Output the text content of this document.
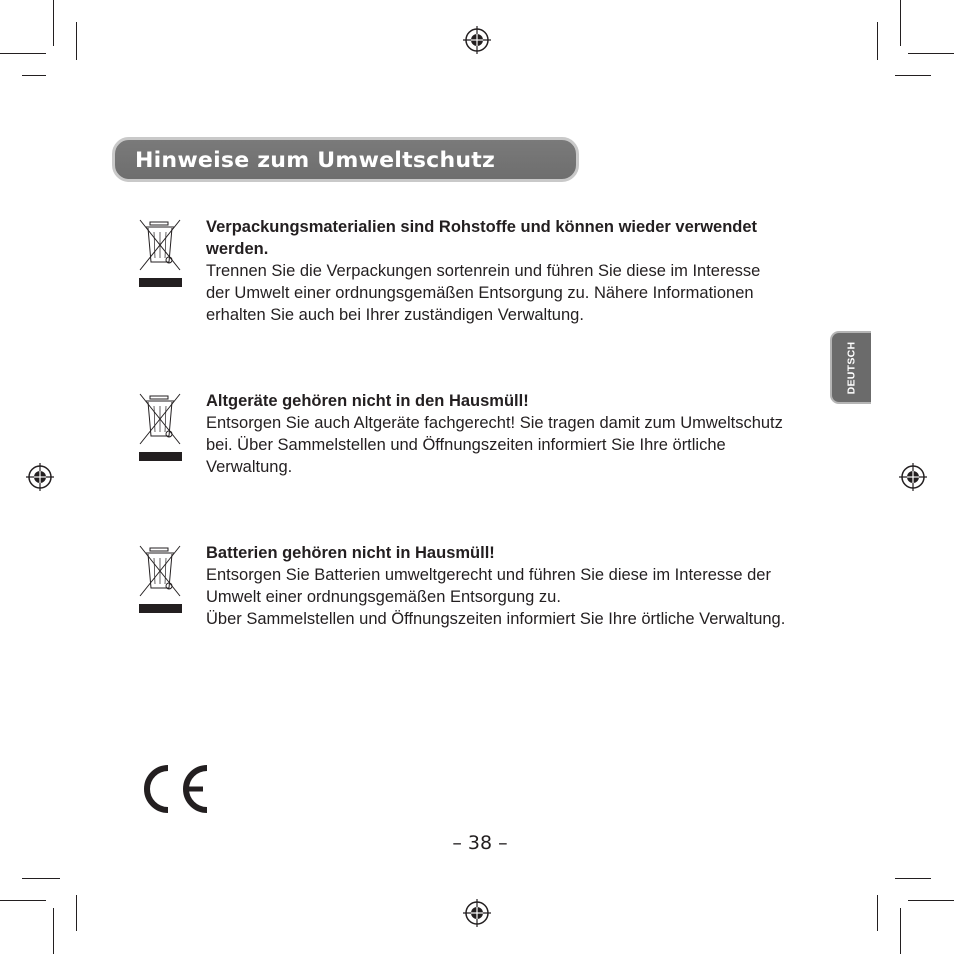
Hinweise zum Umweltschutz
DEUTSCH

Verpackungsmaterialien sind Rohstoffe und können wieder verwendet werden.

Trennen Sie die Verpackungen sortenrein und führen Sie diese im Interesse der Umwelt einer ordnungsgemäßen Entsorgung zu. Nähere Informationen erhalten Sie auch bei Ihrer zuständigen Verwaltung.

Altgeräte gehören nicht in den Hausmüll!

Entsorgen Sie auch Altgeräte fachgerecht! Sie tragen damit zum Umweltschutz bei. Über Sammelstellen und Öffnungszeiten informiert Sie Ihre örtliche Verwaltung.

Batterien gehören nicht in Hausmüll!

Entsorgen Sie Batterien umweltgerecht und führen Sie diese im Interesse der Umwelt einer ordnungsgemäßen Entsorgung zu.
Über Sammelstellen und Öffnungszeiten informiert Sie Ihre örtliche Verwaltung.

– 38 –
